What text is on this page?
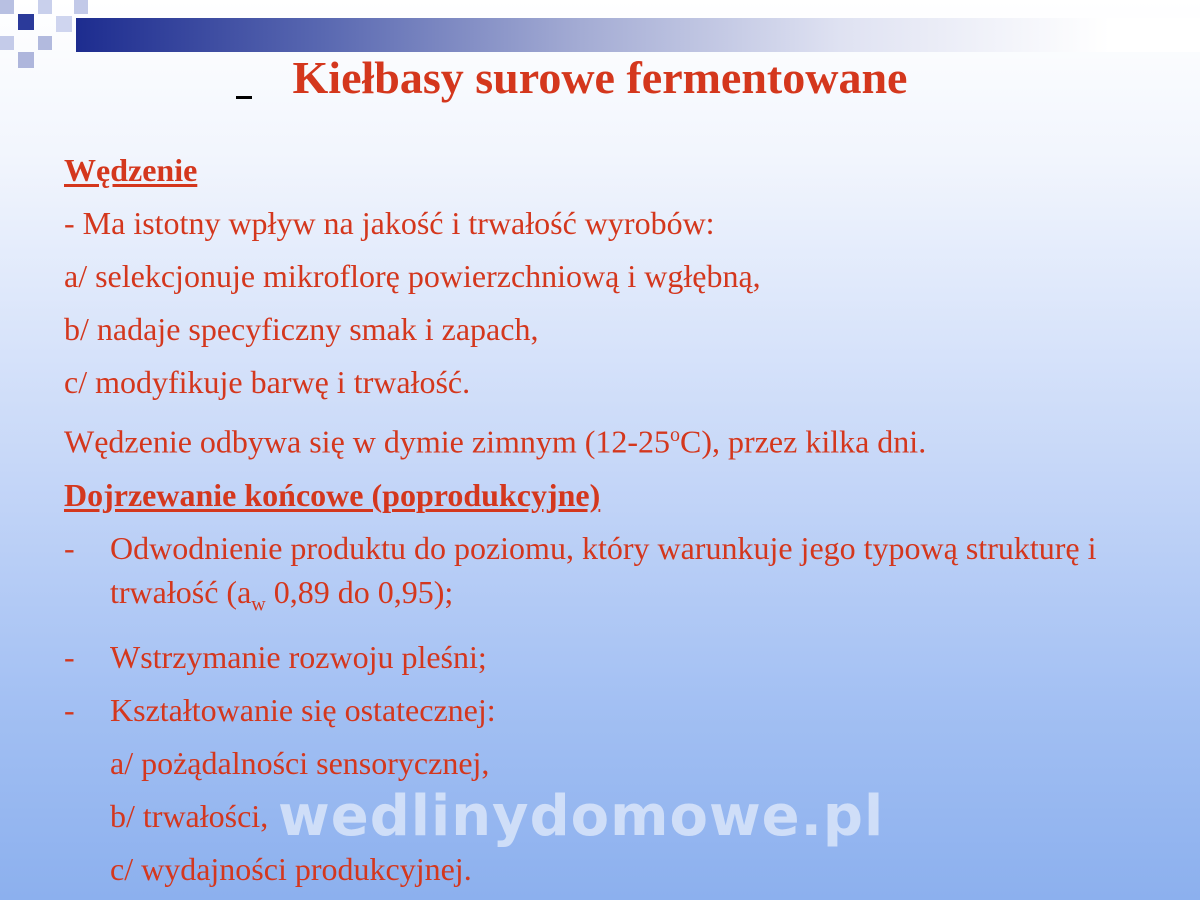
Kiełbasy surowe fermentowane
Wędzenie
- Ma istotny wpływ na jakość i trwałość wyrobów:
a/ selekcjonuje mikroflorę powierzchniową i wgłębną,
b/ nadaje specyficzny smak i zapach,
c/ modyfikuje barwę i trwałość.
Wędzenie odbywa się w dymie zimnym (12-25$^o$C), przez kilka dni.
Dojrzewanie końcowe (poprodukcyjne)
-	Odwodnienie produktu do poziomu, który warunkuje jego typową strukturę i trwałość ($a_w$ 0,89 do 0,95);
-	Wstrzymanie rozwoju pleśni;
-	Kształtowanie się ostatecznej:
a/ pożądalności sensorycznej,
b/ trwałości,
c/ wydajności produkcyjnej.
wedlinydomowe.pl
